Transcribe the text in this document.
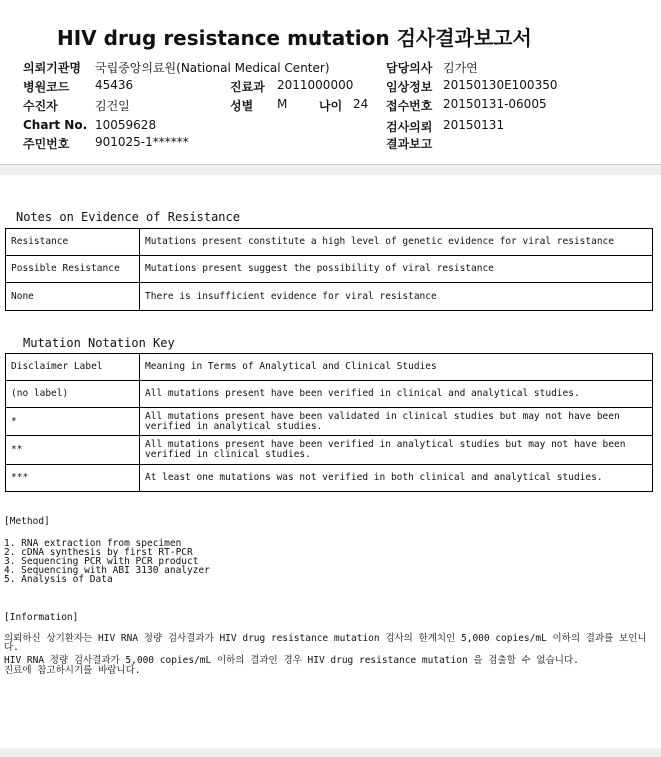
HIV drug resistance mutation 검사결과보고서
의뢰기관명 국립중앙의료원(National Medical Center)
병원코드 45436
수진자	김건일
Chart No. 10059628
주민번호 901025-1******
진료과 2011000000
성별 M	나이 24
담당의사 김가연
임상정보 20150130E100350
접수번호 20150131-06005
검사의뢰 20150131
결과보고
Notes on Evidence of Resistance
Resistance	Mutations present constitute a high level of genetic evidence for viral resistance
Possible Resistance	Mutations present suggest the possibility of viral resistance
None	There is insufficient evidence for viral resistance
Mutation Notation Key
Disclaimer Label	Meaning in Terms of Analytical and Clinical Studies
(no label)	All mutations present have been verified in clinical and analytical studies.
*	All mutations present have been validated in clinical studies but may not have been verified in analytical studies.
**	All mutations present have been verified in analytical studies but may not have been verified in clinical studies.
***	At least one mutations was not verified in both clinical and analytical studies.
[Method]
1. RNA extraction from specimen
2. cDNA synthesis by first RT-PCR
3. Sequencing PCR with PCR product
4. Sequencing with ABI 3130 analyzer
5. Analysis of Data
[Information]
의뢰하신 상기환자는 HIV RNA 정량 검사결과가 HIV drug resistance mutation 검사의 한계치인 5,000 copies/mL 이하의 결과를 보인니다.
HIV RNA 정량 검사결과가 5,000 copies/mL 이하의 결과인 경우 HIV drug resistance mutation 을 검출할 수 없습니다.
진료에 참고하시기를 바랍니다.
